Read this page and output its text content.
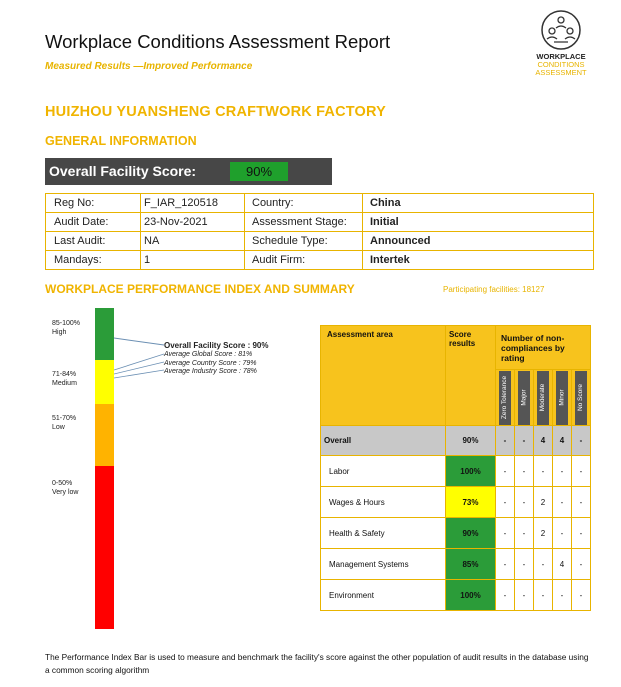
Workplace Conditions Assessment Report
Measured Results —Improved Performance
WORKPLACE
CONDITIONS
ASSESSMENT
HUIZHOU YUANSHENG CRAFTWORK FACTORY
GENERAL INFORMATION
Overall Facility Score:	90%
Reg No:	F_IAR_120518	Country:	China
Audit Date:	23-Nov-2021	Assessment Stage:	Initial
Last Audit:	NA	Schedule Type:	Announced
Mandays:	1	Audit Firm:	Intertek
WORKPLACE PERFORMANCE INDEX AND SUMMARY	Participating facilities: 18127
85-100%
High
71-84%
Medium
51-70%
Low
0-50%
Very low
Overall Facility Score : 90%
Average Global Score : 81%
Average Country Score : 79%
Average Industry Score : 78%
Assessment area	Score results	Number of non-compliances by rating				

		Zero Tolerance	Major	Moderate	Minor	No Score

Overall	90%	-	-	4	4	-
Labor	100%	-	-	-	-	-
Wages & Hours	73%	-	-	2	-	-
Health & Safety	90%	-	-	2	-	-
Management Systems	85%	-	-	-	4	-
Environment	100%	-	-	-	-	-
The Performance Index Bar is used to measure and benchmark the facility's score against the other population of audit results in the database using a common scoring algorithm
